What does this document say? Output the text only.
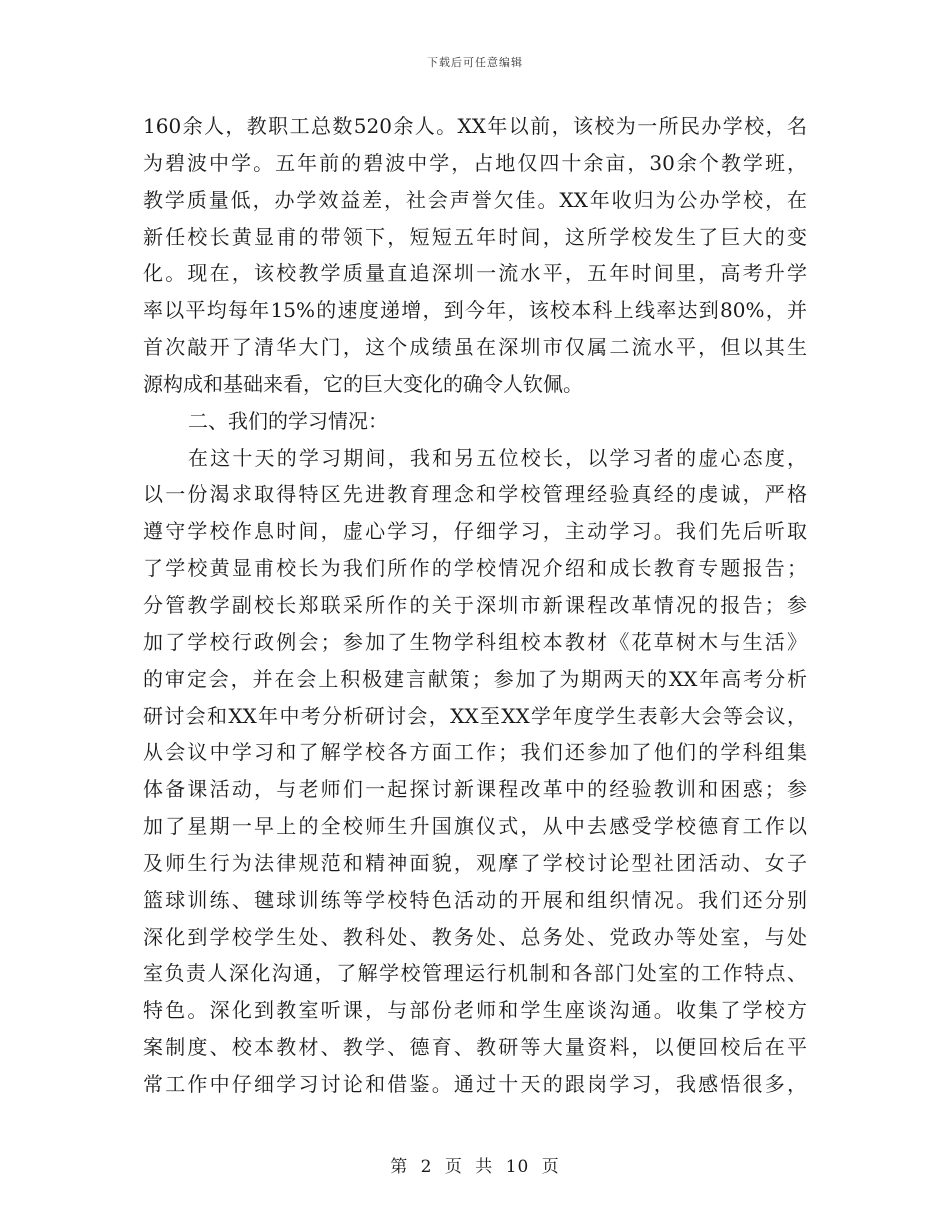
下载后可任意编辑
160余人，教职工总数520余人。XX年以前，该校为一所民办学校，名
为碧波中学。五年前的碧波中学，占地仅四十余亩，30余个教学班，
教学质量低，办学效益差，社会声誉欠佳。XX年收归为公办学校，在
新任校长黄显甫的带领下，短短五年时间，这所学校发生了巨大的变
化。现在，该校教学质量直追深圳一流水平，五年时间里，高考升学
率以平均每年15%的速度递增，到今年，该校本科上线率达到80%，并
首次敲开了清华大门，这个成绩虽在深圳市仅属二流水平，但以其生
源构成和基础来看，它的巨大变化的确令人钦佩。
二、我们的学习情况：
在这十天的学习期间，我和另五位校长，以学习者的虚心态度，
以一份渴求取得特区先进教育理念和学校管理经验真经的虔诚，严格
遵守学校作息时间，虚心学习，仔细学习，主动学习。我们先后听取
了学校黄显甫校长为我们所作的学校情况介绍和成长教育专题报告；
分管教学副校长郑联采所作的关于深圳市新课程改革情况的报告；参
加了学校行政例会；参加了生物学科组校本教材《花草树木与生活》
的审定会，并在会上积极建言献策；参加了为期两天的XX年高考分析
研讨会和XX年中考分析研讨会，XX至XX学年度学生表彰大会等会议，
从会议中学习和了解学校各方面工作；我们还参加了他们的学科组集
体备课活动，与老师们一起探讨新课程改革中的经验教训和困惑；参
加了星期一早上的全校师生升国旗仪式，从中去感受学校德育工作以
及师生行为法律规范和精神面貌，观摩了学校讨论型社团活动、女子
篮球训练、毽球训练等学校特色活动的开展和组织情况。我们还分别
深化到学校学生处、教科处、教务处、总务处、党政办等处室，与处
室负责人深化沟通，了解学校管理运行机制和各部门处室的工作特点、
特色。深化到教室听课，与部份老师和学生座谈沟通。收集了学校方
案制度、校本教材、教学、德育、教研等大量资料，以便回校后在平
常工作中仔细学习讨论和借鉴。通过十天的跟岗学习，我感悟很多，
第 2 页 共 10 页
